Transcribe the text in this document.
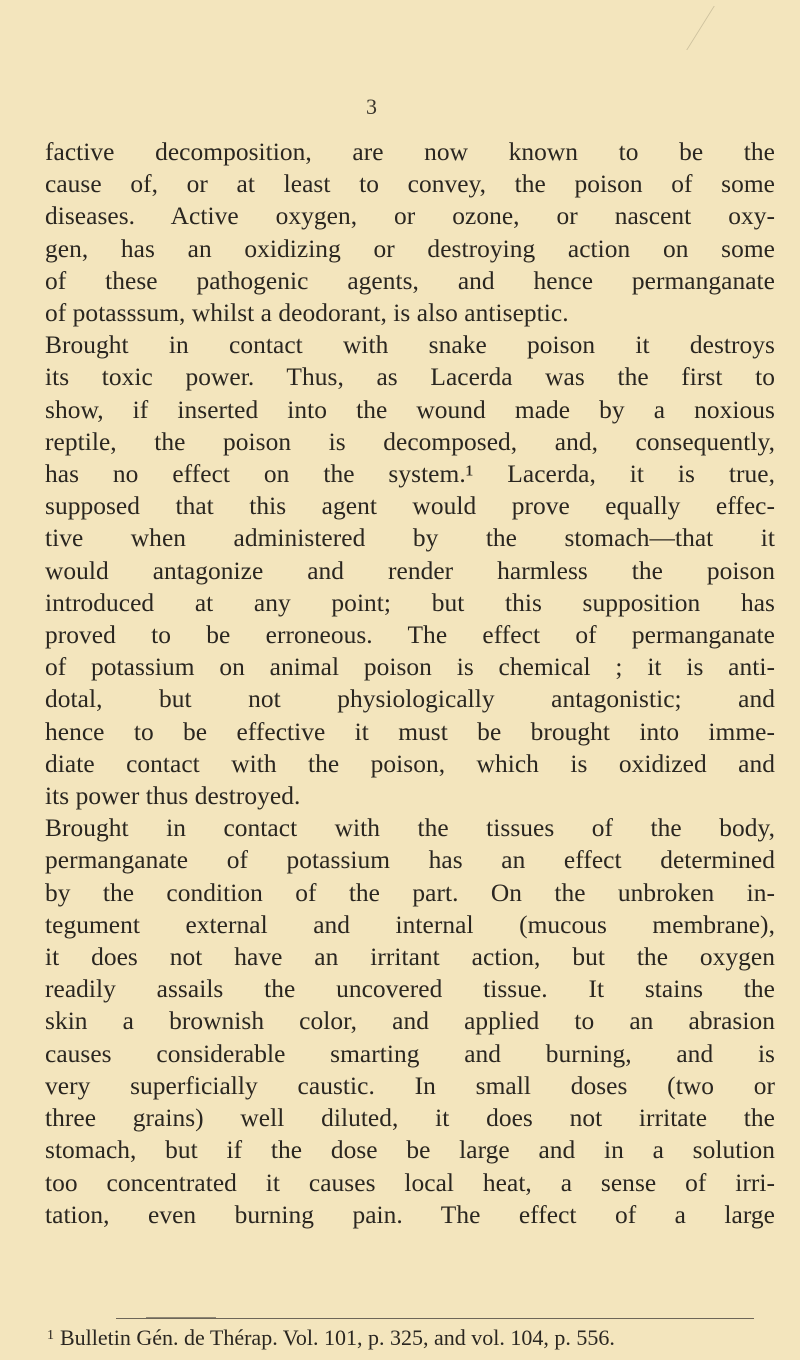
3
factive decomposition, are now known to be the
cause of, or at least to convey, the poison of some
diseases. Active oxygen, or ozone, or nascent oxy-
gen, has an oxidizing or destroying action on some
of these pathogenic agents, and hence permanganate
of potasssum, whilst a deodorant, is also antiseptic.
Brought in contact with snake poison it destroys
its toxic power. Thus, as Lacerda was the first to
show, if inserted into the wound made by a noxious
reptile, the poison is decomposed, and, consequently,
has no effect on the system.¹ Lacerda, it is true,
supposed that this agent would prove equally effec-
tive when administered by the stomach—that it
would antagonize and render harmless the poison
introduced at any point; but this supposition has
proved to be erroneous. The effect of permanganate
of potassium on animal poison is chemical ; it is anti-
dotal, but not physiologically antagonistic; and
hence to be effective it must be brought into imme-
diate contact with the poison, which is oxidized and
its power thus destroyed.
Brought in contact with the tissues of the body,
permanganate of potassium has an effect determined
by the condition of the part. On the unbroken in-
tegument external and internal (mucous membrane),
it does not have an irritant action, but the oxygen
readily assails the uncovered tissue. It stains the
skin a brownish color, and applied to an abrasion
causes considerable smarting and burning, and is
very superficially caustic. In small doses (two or
three grains) well diluted, it does not irritate the
stomach, but if the dose be large and in a solution
too concentrated it causes local heat, a sense of irri-
tation, even burning pain. The effect of a large
$^1$ Bulletin Gén. de Thérap. Vol. 101, p. 325, and vol. 104, p. 556.
